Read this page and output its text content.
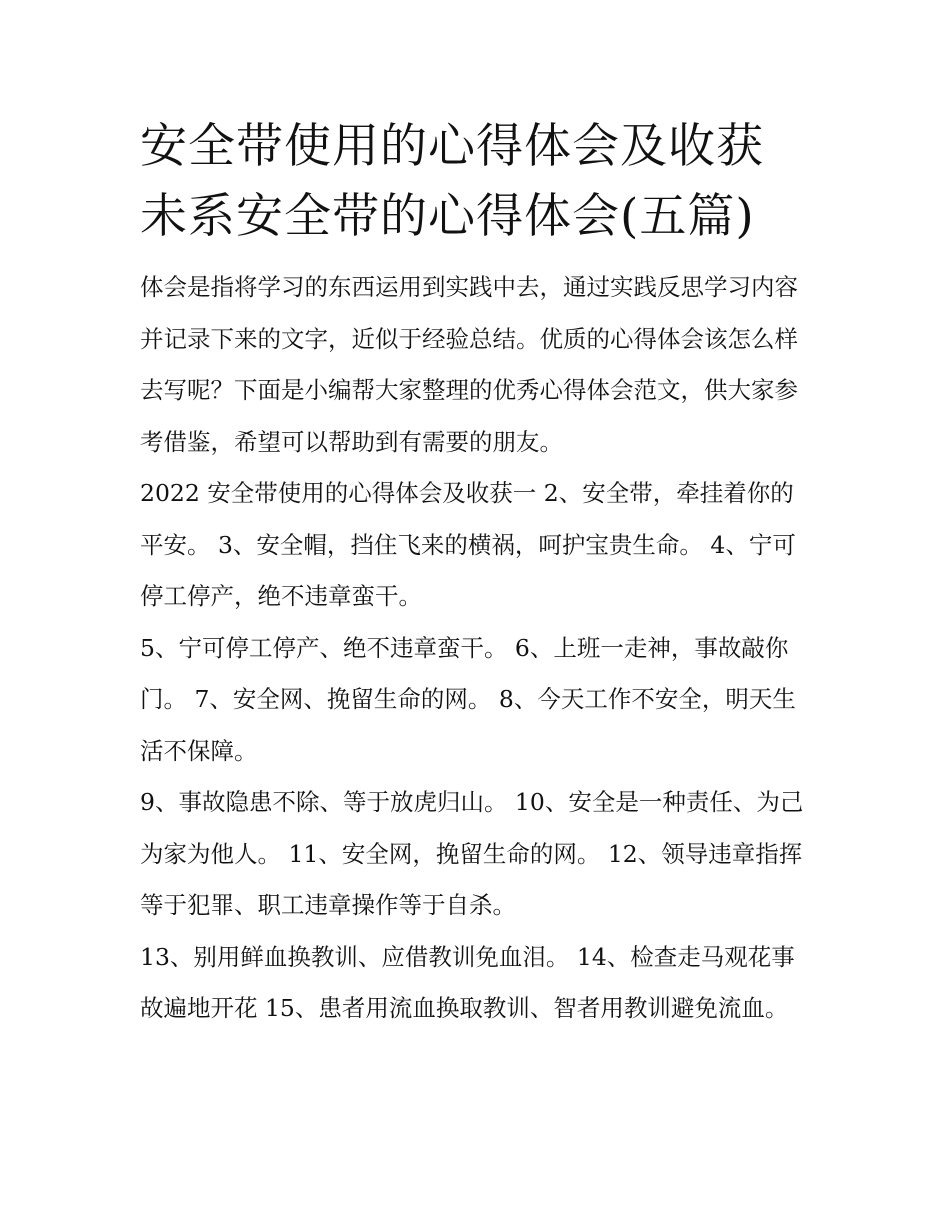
安全带使用的心得体会及收获
未系安全带的心得体会(五篇)

体会是指将学习的东西运用到实践中去，通过实践反思学习内容并记录下来的文字，近似于经验总结。优质的心得体会该怎么样去写呢？下面是小编帮大家整理的优秀心得体会范文，供大家参考借鉴，希望可以帮助到有需要的朋友。

2022 安全带使用的心得体会及收获一 2、安全带，牵挂着你的平安。 3、安全帽，挡住飞来的横祸，呵护宝贵生命。 4、宁可停工停产，绝不违章蛮干。

5、宁可停工停产、绝不违章蛮干。 6、上班一走神，事故敲你门。 7、安全网、挽留生命的网。 8、今天工作不安全，明天生活不保障。

9、事故隐患不除、等于放虎归山。 10、安全是一种责任、为己为家为他人。 11、安全网，挽留生命的网。 12、领导违章指挥等于犯罪、职工违章操作等于自杀。

13、别用鲜血换教训、应借教训免血泪。 14、检查走马观花事故遍地开花 15、患者用流血换取教训、智者用教训避免流血。
